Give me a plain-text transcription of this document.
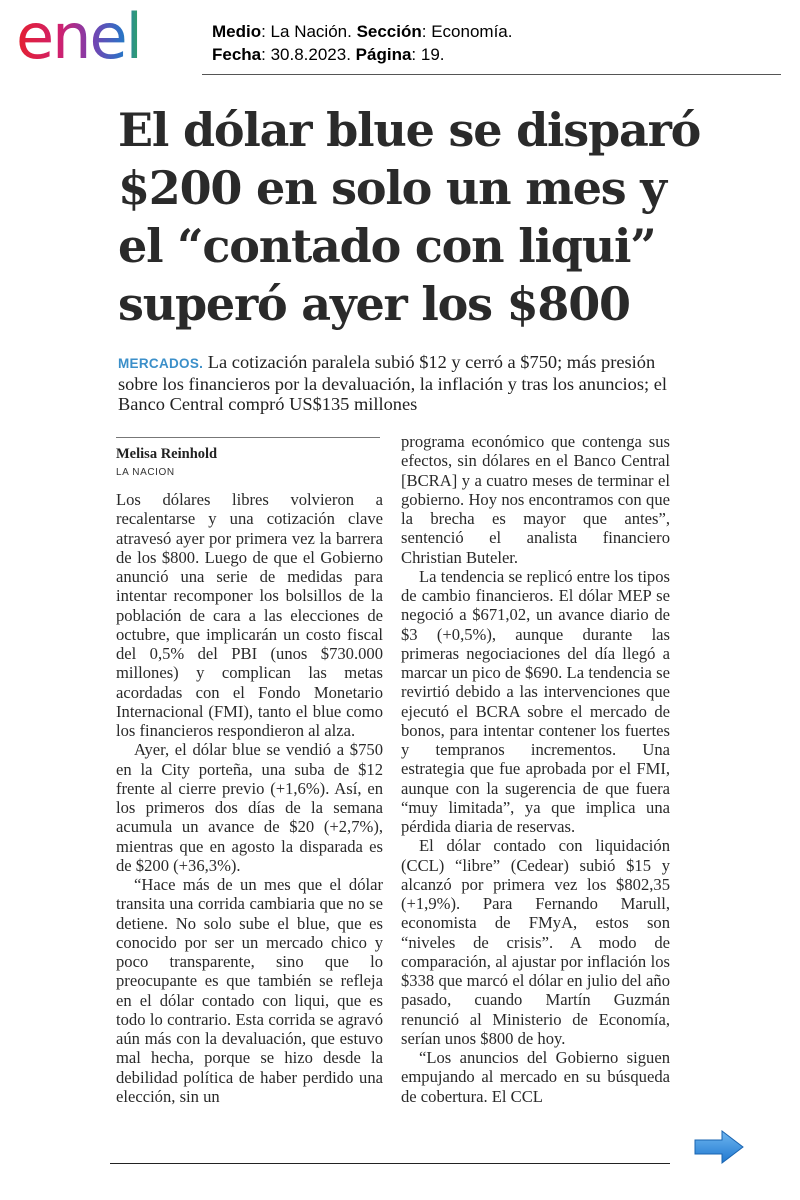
enel	Medio: La Nación. Sección: Economía.
Fecha: 30.8.2023. Página: 19.
El dólar blue se disparó $200 en solo un mes y el “contado con liqui” superó ayer los $800

MERCADOS. La cotización paralela subió $12 y cerró a $750; más presión sobre los financieros por la devaluación, la inflación y tras los anuncios; el Banco Central compró US$135 millones

Melisa Reinhold
LA NACION

Los dólares libres volvieron a recalentarse y una cotización clave atravesó ayer por primera vez la barrera de los $800. Luego de que el Gobierno anunció una serie de medidas para intentar recomponer los bolsillos de la población de cara a las elecciones de octubre, que implicarán un costo fiscal del 0,5% del PBI (unos $730.000 millones) y complican las metas acordadas con el Fondo Monetario Internacional (FMI), tanto el blue como los financieros respondieron al alza.

Ayer, el dólar blue se vendió a $750 en la City porteña, una suba de $12 frente al cierre previo (+1,6%). Así, en los primeros dos días de la semana acumula un avance de $20 (+2,7%), mientras que en agosto la disparada es de $200 (+36,3%).

“Hace más de un mes que el dólar transita una corrida cambiaria que no se detiene. No solo sube el blue, que es conocido por ser un mercado chico y poco transparente, sino que lo preocupante es que también se refleja en el dólar contado con liqui, que es todo lo contrario. Esta corrida se agravó aún más con la devaluación, que estuvo mal hecha, porque se hizo desde la debilidad política de haber perdido una elección, sin un

programa económico que contenga sus efectos, sin dólares en el Banco Central [BCRA] y a cuatro meses de terminar el gobierno. Hoy nos encontramos con que la brecha es mayor que antes”, sentenció el analista financiero Christian Buteler.

La tendencia se replicó entre los tipos de cambio financieros. El dólar MEP se negoció a $671,02, un avance diario de $3 (+0,5%), aunque durante las primeras negociaciones del día llegó a marcar un pico de $690. La tendencia se revirtió debido a las intervenciones que ejecutó el BCRA sobre el mercado de bonos, para intentar contener los fuertes y tempranos incrementos. Una estrategia que fue aprobada por el FMI, aunque con la sugerencia de que fuera “muy limitada”, ya que implica una pérdida diaria de reservas.

El dólar contado con liquidación (CCL) “libre” (Cedear) subió $15 y alcanzó por primera vez los $802,35 (+1,9%). Para Fernando Marull, economista de FMyA, estos son “niveles de crisis”. A modo de comparación, al ajustar por inflación los $338 que marcó el dólar en julio del año pasado, cuando Martín Guzmán renunció al Ministerio de Economía, serían unos $800 de hoy.

“Los anuncios del Gobierno siguen empujando al mercado en su búsqueda de cobertura. El CCL
